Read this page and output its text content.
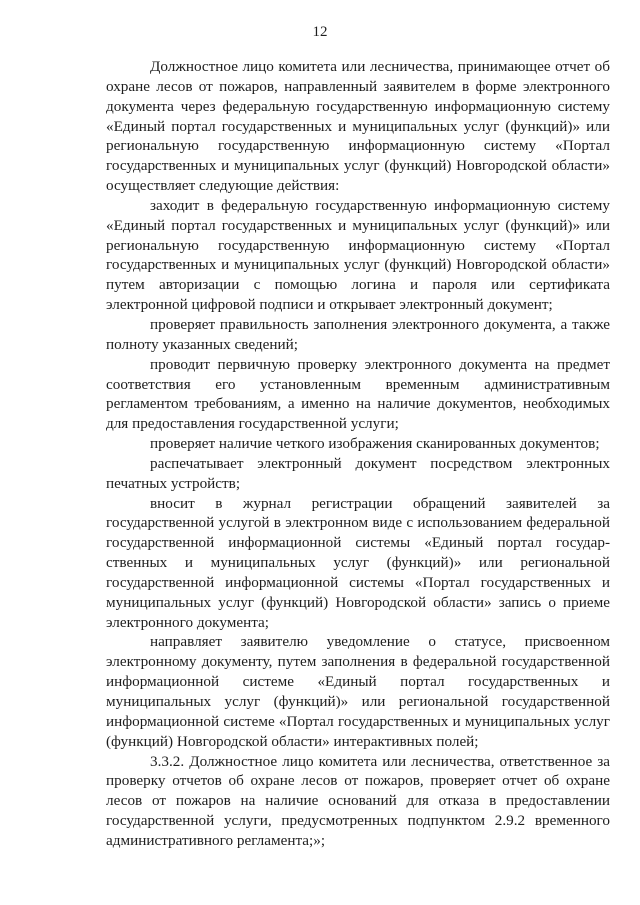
12

Должностное лицо комитета или лесничества, принимающее отчет об охране лесов от пожаров, направленный заявителем в форме электронного документа через федеральную государственную информационную систему «Единый портал государственных и муниципальных услуг (функций)» или региональную государственную информационную систему «Портал государственных и муниципальных услуг (функций) Новгородской области» осуществляет следующие действия:

заходит в федеральную государственную информационную систему «Единый портал государственных и муниципальных услуг (функций)» или региональную государственную информационную систему «Портал государственных и муниципальных услуг (функций) Новгородской области» путем авторизации с помощью логина и пароля или сертификата электронной цифровой подписи и открывает электронный документ;

проверяет правильность заполнения электронного документа, а также полноту указанных сведений;

проводит первичную проверку электронного документа на предмет соответствия его установленным временным административным регламентом требованиям, а именно на наличие документов, необходимых для предоставления государственной услуги;

проверяет наличие четкого изображения сканированных документов;

распечатывает электронный документ посредством электронных печатных устройств;

вносит в журнал регистрации обращений заявителей за государственной услугой в электронном виде с использованием федеральной государственной информационной системы «Единый портал государственных и муниципальных услуг (функций)» или региональной государственной информационной системы «Портал государственных и муниципальных услуг (функций) Новгородской области» запись о приеме электронного документа;

направляет заявителю уведомление о статусе, присвоенном электронному документу, путем заполнения в федеральной государственной информационной системе «Единый портал государственных и муниципальных услуг (функций)» или региональной государственной информационной системе «Портал государственных и муниципальных услуг (функций) Новгородской области» интерактивных полей;

3.3.2. Должностное лицо комитета или лесничества, ответственное за проверку отчетов об охране лесов от пожаров, проверяет отчет об охране лесов от пожаров на наличие оснований для отказа в предоставлении государственной услуги, предусмотренных подпунктом 2.9.2 временного административного регламента;»;
